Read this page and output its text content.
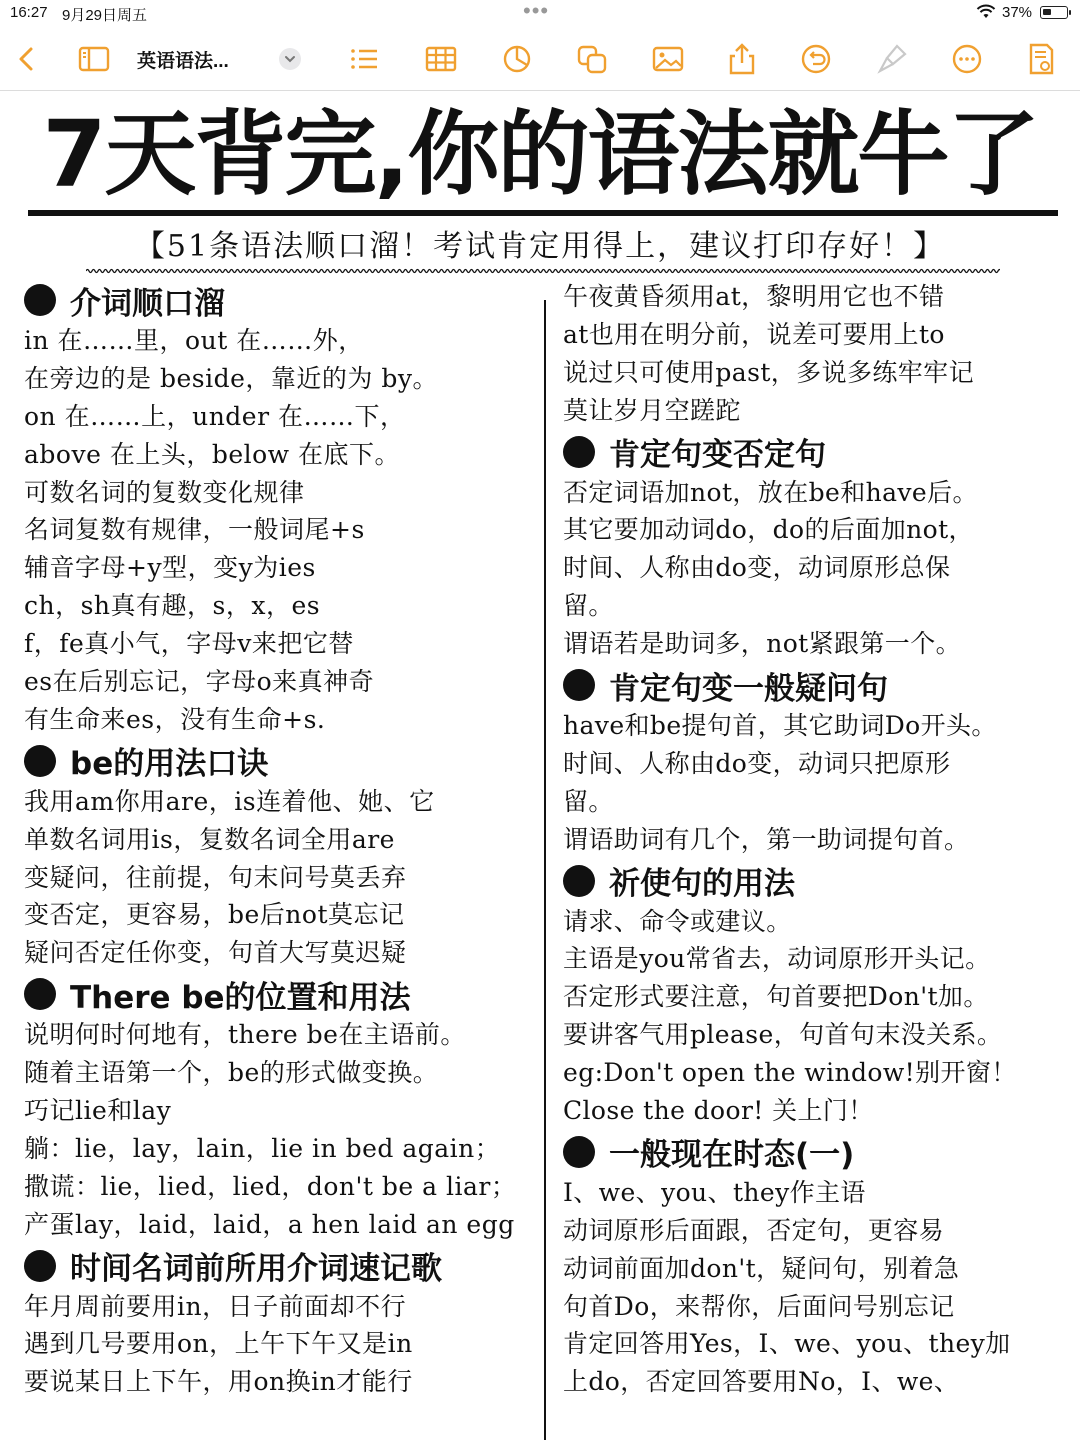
16:27 9月29日周五	•••	37%
英语语法...
7天背完,你的语法就牛了
【51条语法顺口溜！考试肯定用得上，建议打印存好！】
介词顺口溜
in 在……里，out 在……外，
在旁边的是 beside，靠近的为 by。
on 在……上，under 在……下，
above 在上头，below 在底下。
可数名词的复数变化规律
名词复数有规律，一般词尾+s
辅音字母+y型，变y为ies
ch，sh真有趣，s，x，es
f，fe真小气，字母v来把它替
es在后别忘记，字母o来真神奇
有生命来es，没有生命+s.
be的用法口诀
我用am你用are，is连着他、她、它
单数名词用is，复数名词全用are
变疑问，往前提，句末问号莫丢弃
变否定，更容易，be后not莫忘记
疑问否定任你变，句首大写莫迟疑
There be的位置和用法
说明何时何地有，there be在主语前。
随着主语第一个，be的形式做变换。
巧记lie和lay
躺：lie，lay，lain，lie in bed again；
撒谎：lie，lied，lied，don't be a liar；
产蛋lay，laid，laid，a hen laid an egg
时间名词前所用介词速记歌
年月周前要用in，日子前面却不行
遇到几号要用on，上午下午又是in
要说某日上下午，用on换in才能行
午夜黄昏须用at，黎明用它也不错
at也用在明分前，说差可要用上to
说过只可使用past，多说多练牢牢记
莫让岁月空蹉跎
肯定句变否定句
否定词语加not，放在be和have后。
其它要加动词do，do的后面加not，
时间、人称由do变，动词原形总保
留。
谓语若是助词多，not紧跟第一个。
肯定句变一般疑问句
have和be提句首，其它助词Do开头。
时间、人称由do变，动词只把原形
留。
谓语助词有几个，第一助词提句首。
祈使句的用法
请求、命令或建议。
主语是you常省去，动词原形开头记。
否定形式要注意，句首要把Don't加。
要讲客气用please，句首句末没关系。
eg:Don't open the window!别开窗！
Close the door! 关上门！
一般现在时态(一)
I、we、you、they作主语
动词原形后面跟，否定句，更容易
动词前面加don't，疑问句，别着急
句首Do，来帮你，后面问号别忘记
肯定回答用Yes，I、we、you、they加
上do，否定回答要用No，I、we、
